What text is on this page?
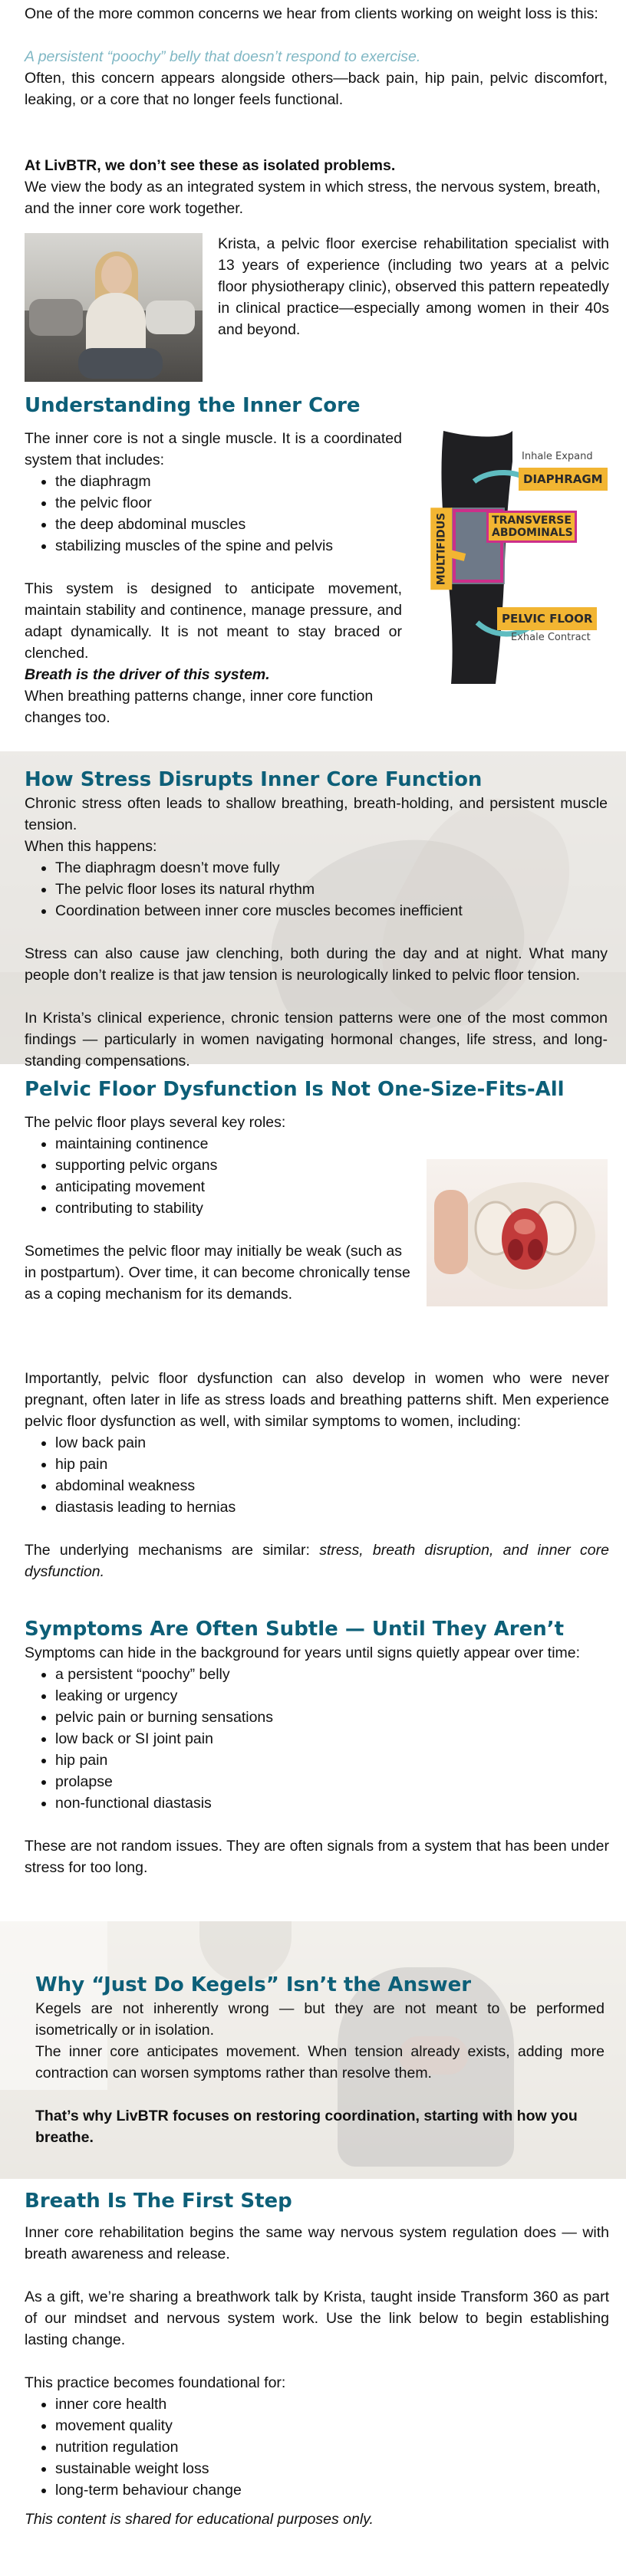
One of the more common concerns we hear from clients working on weight loss is this:

A persistent “poochy” belly that doesn’t respond to exercise.

Often, this concern appears alongside others—back pain, hip pain, pelvic discomfort, leaking, or a core that no longer feels functional.

At LivBTR, we don’t see these as isolated problems.

We view the body as an integrated system in which stress, the nervous system, breath, and the inner core work together.

Krista, a pelvic floor exercise rehabilitation specialist with 13 years of experience (including two years at a pelvic floor physiotherapy clinic), observed this pattern repeatedly in clinical practice—especially among women in their 40s and beyond.

Understanding the Inner Core

The inner core is not a single muscle. It is a coordinated system that includes:

• the diaphragm
• the pelvic floor
• the deep abdominal muscles
• stabilizing muscles of the spine and pelvis

This system is designed to anticipate movement, maintain stability and continence, manage pressure, and adapt dynamically. It is not meant to stay braced or clenched.

Breath is the driver of this system.

When breathing patterns change, inner core function changes too.

Inhale Expand
DIAPHRAGM
TRANSVERSE ABDOMINALS
MULTIFIDUS
PELVIC FLOOR
Exhale Contract
How Stress Disrupts Inner Core Function

Chronic stress often leads to shallow breathing, breath-holding, and persistent muscle tension.

When this happens:

• The diaphragm doesn’t move fully
• The pelvic floor loses its natural rhythm
• Coordination between inner core muscles becomes inefficient

Stress can also cause jaw clenching, both during the day and at night. What many people don’t realize is that jaw tension is neurologically linked to pelvic floor tension.

In Krista’s clinical experience, chronic tension patterns were one of the most common findings — particularly in women navigating hormonal changes, life stress, and long-standing compensations.

Pelvic Floor Dysfunction Is Not One-Size-Fits-All

The pelvic floor plays several key roles:

• maintaining continence
• supporting pelvic organs
• anticipating movement
• contributing to stability

Sometimes the pelvic floor may initially be weak (such as in postpartum). Over time, it can become chronically tense as a coping mechanism for its demands.

Importantly, pelvic floor dysfunction can also develop in women who were never pregnant, often later in life as stress loads and breathing patterns shift. Men experience pelvic floor dysfunction as well, with similar symptoms to women, including:

• low back pain
• hip pain
• abdominal weakness
• diastasis leading to hernias

The underlying mechanisms are similar: stress, breath disruption, and inner core dysfunction.

Symptoms Are Often Subtle — Until They Aren’t

Symptoms can hide in the background for years until signs quietly appear over time:

• a persistent “poochy” belly
• leaking or urgency
• pelvic pain or burning sensations
• low back or SI joint pain
• hip pain
• prolapse
• non-functional diastasis

These are not random issues. They are often signals from a system that has been under stress for too long.

Why “Just Do Kegels” Isn’t the Answer

Kegels are not inherently wrong — but they are not meant to be performed isometrically or in isolation.

The inner core anticipates movement. When tension already exists, adding more contraction can worsen symptoms rather than resolve them.

That’s why LivBTR focuses on restoring coordination, starting with how you breathe.

Breath Is The First Step

Inner core rehabilitation begins the same way nervous system regulation does — with breath awareness and release.

As a gift, we’re sharing a breathwork talk by Krista, taught inside Transform 360 as part of our mindset and nervous system work. Use the link below to begin establishing lasting change.

This practice becomes foundational for:

• inner core health
• movement quality
• nutrition regulation
• sustainable weight loss
• long-term behaviour change

This content is shared for educational purposes only.
